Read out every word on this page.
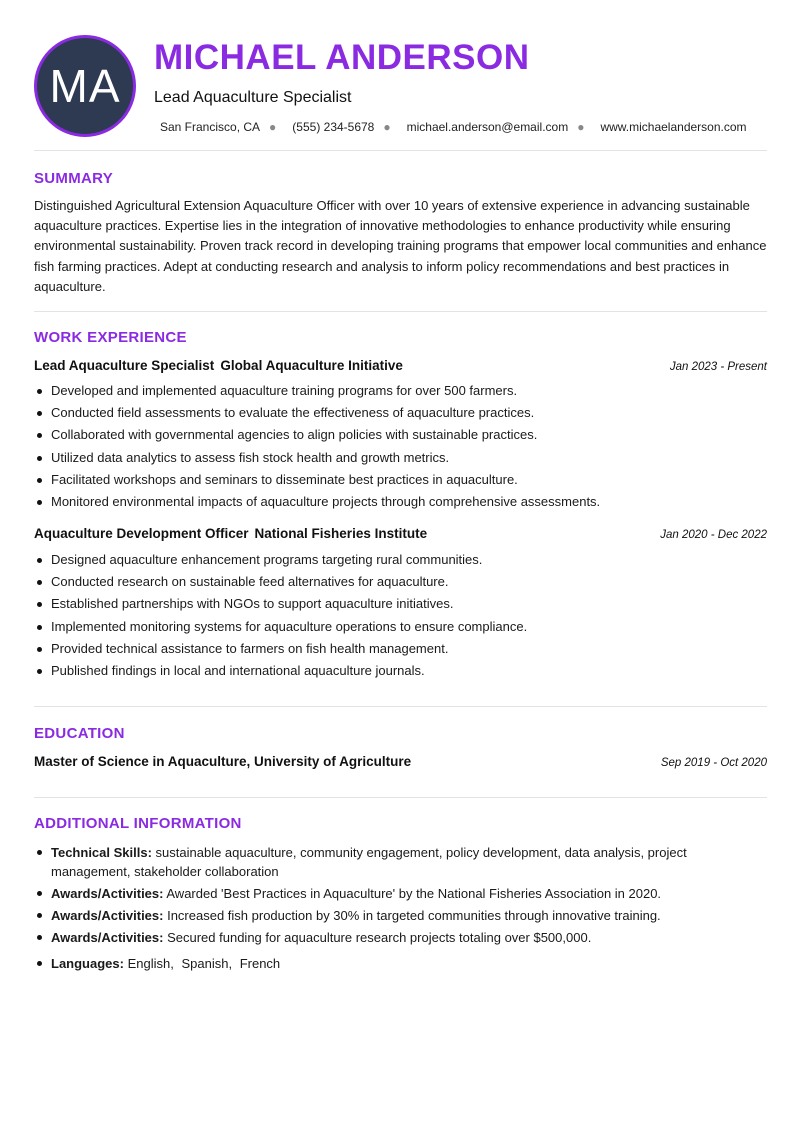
MA
MICHAEL ANDERSON
Lead Aquaculture Specialist
San Francisco, CA ● (555) 234-5678 ● michael.anderson@email.com ● www.michaelanderson.com
SUMMARY
Distinguished Agricultural Extension Aquaculture Officer with over 10 years of extensive experience in advancing sustainable aquaculture practices. Expertise lies in the integration of innovative methodologies to enhance productivity while ensuring environmental sustainability. Proven track record in developing training programs that empower local communities and enhance fish farming practices. Adept at conducting research and analysis to inform policy recommendations and best practices in aquaculture.
WORK EXPERIENCE
Lead Aquaculture Specialist Global Aquaculture Initiative	Jan 2023 - Present
Developed and implemented aquaculture training programs for over 500 farmers.
Conducted field assessments to evaluate the effectiveness of aquaculture practices.
Collaborated with governmental agencies to align policies with sustainable practices.
Utilized data analytics to assess fish stock health and growth metrics.
Facilitated workshops and seminars to disseminate best practices in aquaculture.
Monitored environmental impacts of aquaculture projects through comprehensive assessments.
Aquaculture Development Officer National Fisheries Institute	Jan 2020 - Dec 2022
Designed aquaculture enhancement programs targeting rural communities.
Conducted research on sustainable feed alternatives for aquaculture.
Established partnerships with NGOs to support aquaculture initiatives.
Implemented monitoring systems for aquaculture operations to ensure compliance.
Provided technical assistance to farmers on fish health management.
Published findings in local and international aquaculture journals.
EDUCATION
Master of Science in Aquaculture, University of Agriculture	Sep 2019 - Oct 2020
ADDITIONAL INFORMATION
Technical Skills: sustainable aquaculture, community engagement, policy development, data analysis, project management, stakeholder collaboration
Awards/Activities: Awarded 'Best Practices in Aquaculture' by the National Fisheries Association in 2020.
Awards/Activities: Increased fish production by 30% in targeted communities through innovative training.
Awards/Activities: Secured funding for aquaculture research projects totaling over $500,000.
Languages: English, Spanish, French
